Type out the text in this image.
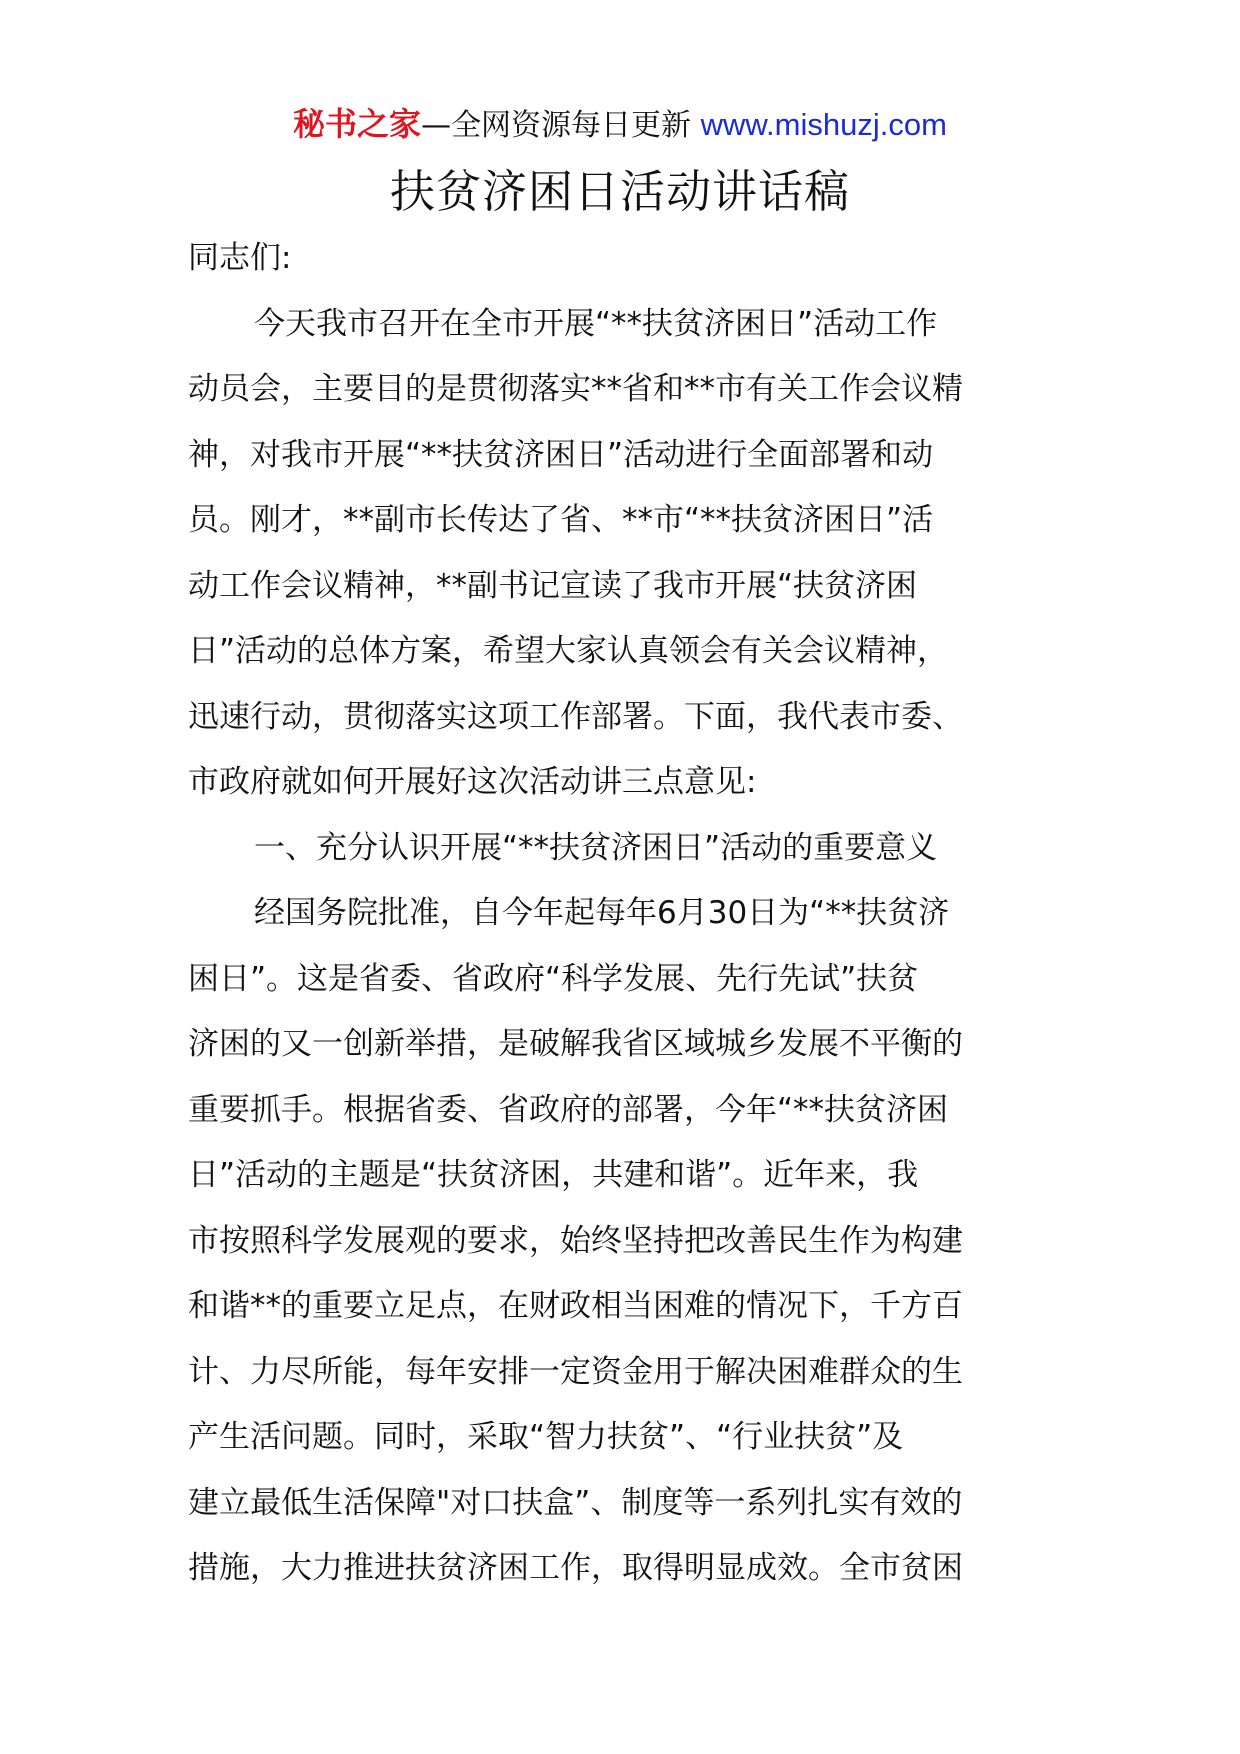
秘书之家—全网资源每日更新 www.mishuzj.com
扶贫济困日活动讲话稿
同志们:
今天我市召开在全市开展“**扶贫济困日”活动工作
动员会，主要目的是贯彻落实**省和**市有关工作会议精
神，对我市开展“**扶贫济困日”活动进行全面部署和动
员。刚才，**副市长传达了省、**市“**扶贫济困日”活
动工作会议精神，**副书记宣读了我市开展“扶贫济困
日”活动的总体方案，希望大家认真领会有关会议精神，
迅速行动，贯彻落实这项工作部署。下面，我代表市委、
市政府就如何开展好这次活动讲三点意见:
一、充分认识开展“**扶贫济困日”活动的重要意义
经国务院批准，自今年起每年6月30日为“**扶贫济
困日”。这是省委、省政府“科学发展、先行先试”扶贫
济困的又一创新举措，是破解我省区域城乡发展不平衡的
重要抓手。根据省委、省政府的部署，今年“**扶贫济困
日”活动的主题是“扶贫济困，共建和谐”。近年来，我
市按照科学发展观的要求，始终坚持把改善民生作为构建
和谐**的重要立足点，在财政相当困难的情况下，千方百
计、力尽所能，每年安排一定资金用于解决困难群众的生
产生活问题。同时，采取“智力扶贫”、“行业扶贫”及
建立最低生活保障"对口扶盒”、制度等一系列扎实有效的
措施，大力推进扶贫济困工作，取得明显成效。全市贫困
